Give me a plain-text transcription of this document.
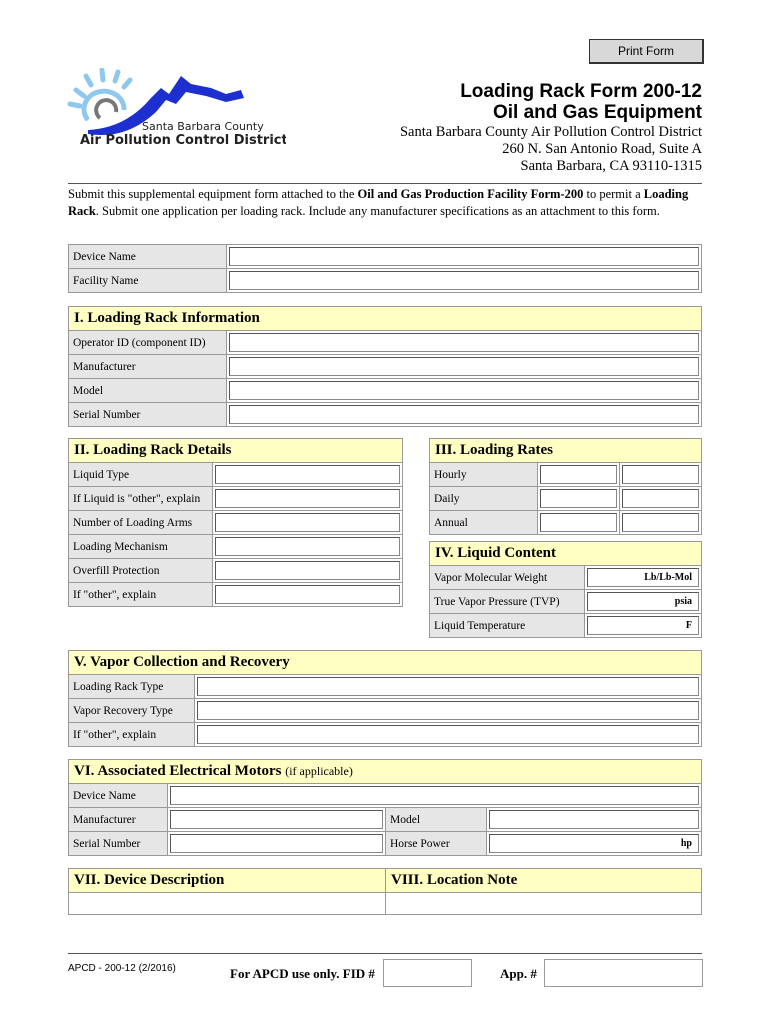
Print Form
Santa Barbara County
Air Pollution Control District
Loading Rack Form 200-12
Oil and Gas Equipment
Santa Barbara County Air Pollution Control District
260 N. San Antonio Road, Suite A
Santa Barbara, CA 93110-1315
Submit this supplemental equipment form attached to the Oil and Gas Production Facility Form-200 to permit a Loading Rack. Submit one application per loading rack. Include any manufacturer specifications as an attachment to this form.
Device Name	

Facility Name	
I. Loading Rack Information	
Operator ID (component ID)	

Manufacturer	

Model	

Serial Number	
II. Loading Rack Details	
Liquid Type	

If Liquid is "other", explain	

Number of Loading Arms	

Loading Mechanism	

Overfill Protection	

If "other", explain	
III. Loading Rates		
Hourly	

Daily	

Annual	

IV. Liquid Content	
Vapor Molecular Weight	Lb/Lb-Mol

True Vapor Pressure (TVP)	psia

Liquid Temperature	F
V. Vapor Collection and Recovery	
Loading Rack Type	

Vapor Recovery Type	

If "other", explain	
VI. Associated Electrical Motors (if applicable)			
Device Name			

Manufacturer		Model	

Serial Number		Horse Power	hp
VII. Device Description	VIII. Location Note

APCD - 200-12 (2/2016)	For APCD use only. FID #	App. #
